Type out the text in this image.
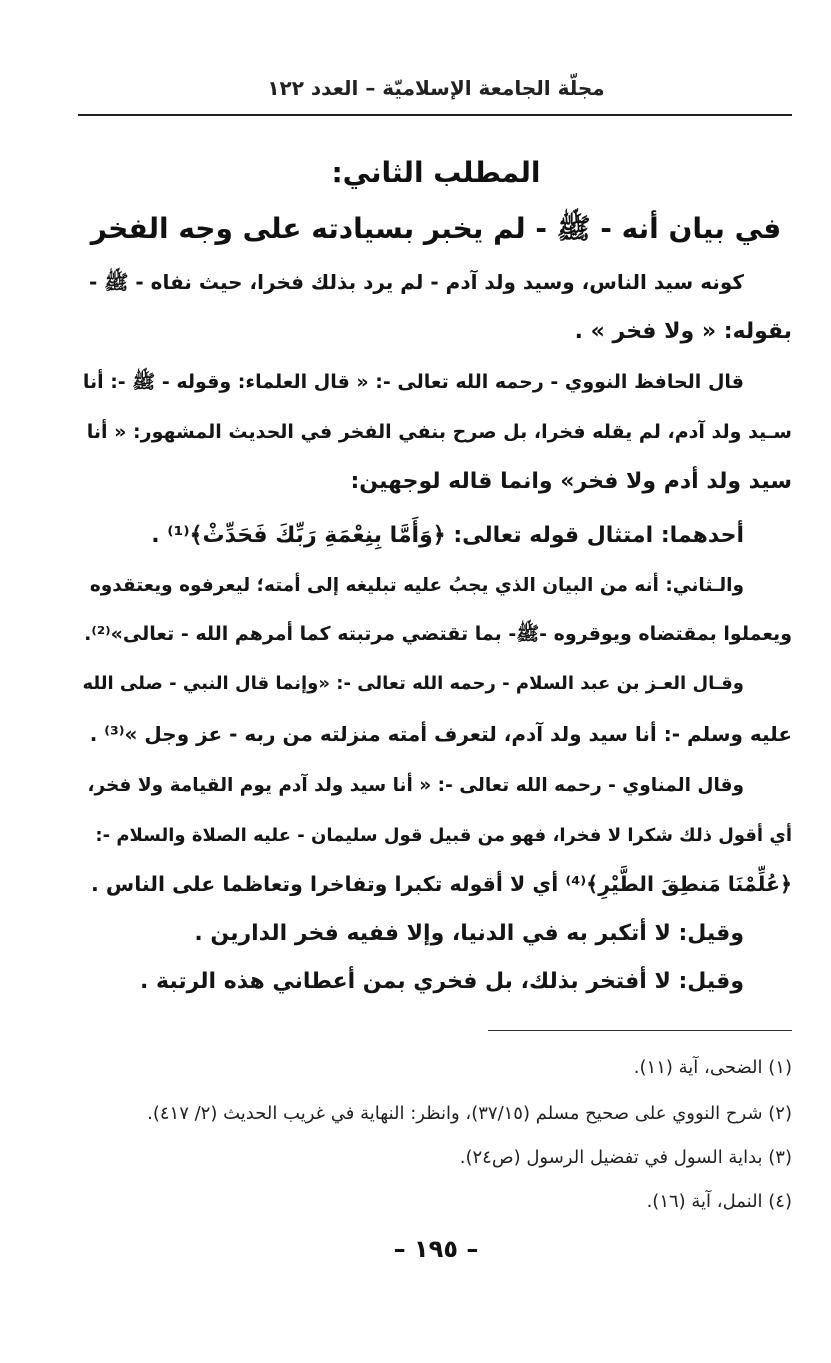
مجلّة الجامعة الإسلاميّة – العدد ١٢٢
المطلب الثاني:
في بيان أنه - ﷺ - لم يخبر بسيادته على وجه الفخر
كونه سيد الناس، وسيد ولد آدم - لم يرد بذلك فخرا، حيث نفاه - ﷺ -
بقوله: « ولا فخر » .
قال الحافظ النووي - رحمه الله تعالى -: « قال العلماء: وقوله - ﷺ -: أنا
سـيد ولد آدم، لم يقله فخرا، بل صرح بنفي الفخر في الحديث المشهور: « أنا
سيد ولد أدم ولا فخر» وانما قاله لوجهين:
أحدهما: امتثال قوله تعالى: ﴿وَأَمَّا بِنِعْمَةِ رَبِّكَ فَحَدِّثْ﴾⁽¹⁾ .
والـثاني: أنه من البيان الذي يجبُ عليه تبليغه إلى أمته؛ ليعرفوه ويعتقدوه
ويعملوا بمقتضاه ويوقروه -ﷺ- بما تقتضي مرتبته كما أمرهم الله - تعالى»⁽²⁾.
وقـال العـز بن عبد السلام - رحمه الله تعالى -: «وإنما قال النبي - صلى الله
عليه وسلم -: أنا سيد ولد آدم، لتعرف أمته منزلته من ربه - عز وجل »⁽³⁾ .
وقال المناوي - رحمه الله تعالى -: « أنا سيد ولد آدم يوم القيامة ولا فخر،
أي أقول ذلك شكرا لا فخرا، فهو من قبيل قول سليمان - عليه الصلاة والسلام -:
﴿عُلِّمْنَا مَنطِقَ الطَّيْرِ﴾⁽⁴⁾ أي لا أقوله تكبرا وتفاخرا وتعاظما على الناس .
وقيل: لا أتكبر به في الدنيا، وإلا ففيه فخر الدارين .
وقيل: لا أفتخر بذلك، بل فخري بمن أعطاني هذه الرتبة .
(١) الضحى، آية (١١).
(٢) شرح النووي على صحيح مسلم (٣٧/١٥)، وانظر: النهاية في غريب الحديث (٢/ ٤١٧).
(٣) بداية السول في تفضيل الرسول (ص٢٤).
(٤) النمل، آية (١٦).
– ١٩٥ –
